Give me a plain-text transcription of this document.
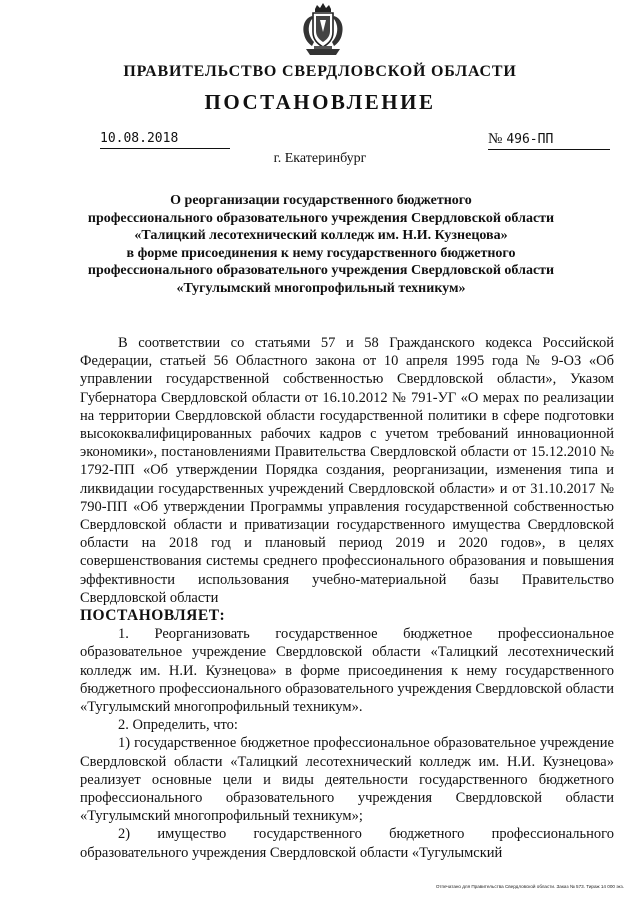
ПРАВИТЕЛЬСТВО СВЕРДЛОВСКОЙ ОБЛАСТИ
ПОСТАНОВЛЕНИЕ
10.08.2018	№ 496-ПП
г. Екатеринбург
О реорганизации государственного бюджетного
профессионального образовательного учреждения Свердловской области
«Талицкий лесотехнический колледж им. Н.И. Кузнецова»
в форме присоединения к нему государственного бюджетного
профессионального образовательного учреждения Свердловской области
«Тугулымский многопрофильный техникум»

В соответствии со статьями 57 и 58 Гражданского кодекса Российской Федерации, статьей 56 Областного закона от 10 апреля 1995 года № 9-ОЗ «Об управлении государственной собственностью Свердловской области», Указом Губернатора Свердловской области от 16.10.2012 № 791-УГ «О мерах по реализации на территории Свердловской области государственной политики в сфере подготовки высококвалифицированных рабочих кадров с учетом требований инновационной экономики», постановлениями Правительства Свердловской области от 15.12.2010 № 1792-ПП «Об утверждении Порядка создания, реорганизации, изменения типа и ликвидации государственных учреждений Свердловской области» и от 31.10.2017 № 790-ПП «Об утверждении Программы управления государственной собственностью Свердловской области и приватизации государственного имущества Свердловской области на 2018 год и плановый период 2019 и 2020 годов», в целях совершенствования системы среднего профессионального образования и повышения эффективности использования учебно-материальной базы Правительство Свердловской области

ПОСТАНОВЛЯЕТ:

1. Реорганизовать государственное бюджетное профессиональное образовательное учреждение Свердловской области «Талицкий лесотехнический колледж им. Н.И. Кузнецова» в форме присоединения к нему государственного бюджетного профессионального образовательного учреждения Свердловской области «Тугулымский многопрофильный техникум».

2. Определить, что:

1) государственное бюджетное профессиональное образовательное учреждение Свердловской области «Талицкий лесотехнический колледж им. Н.И. Кузнецова» реализует основные цели и виды деятельности государственного бюджетного профессионального образовательного учреждения Свердловской области «Тугулымский многопрофильный техникум»;

2) имущество государственного бюджетного профессионального образовательного учреждения Свердловской области «Тугулымский

Отпечатано для Правительства Свердловской области. Заказ № 573. Тираж 14 000 экз.
